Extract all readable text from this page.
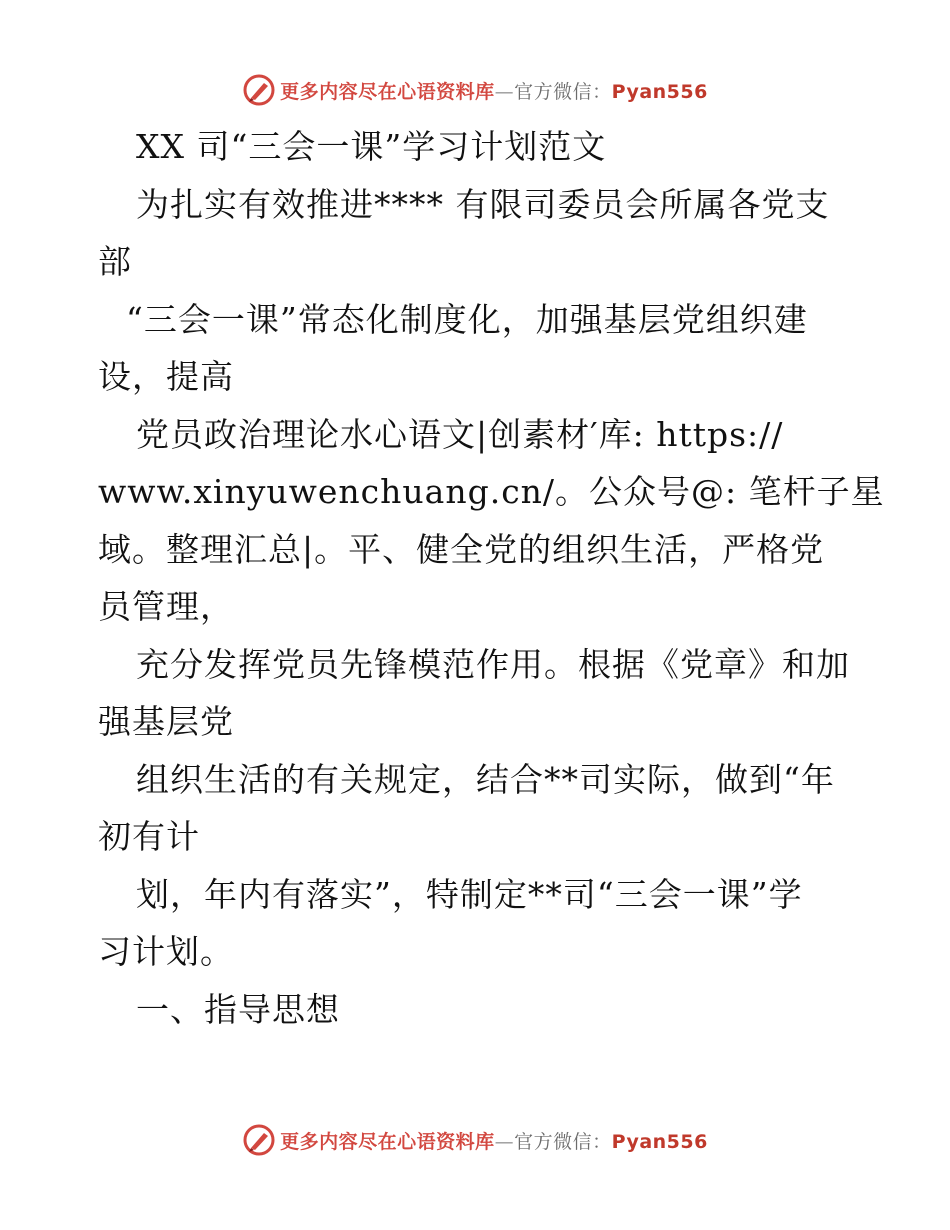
更多内容尽在心语资料库—官方微信：Pyan556
XX 司“三会一课”学习计划范文
为扎实有效推进**** 有限司委员会所属各党支
部
“三会一课”常态化制度化，加强基层党组织建
设，提高
党员政治理论水心语文|创素材′库: https://
www.xinyuwenchuang.cn/。公众号@: 笔杆子星
域。整理汇总|。平、健全党的组织生活，严格党
员管理，
充分发挥党员先锋模范作用。根据《党章》和加
强基层党
组织生活的有关规定，结合**司实际，做到“年
初有计
划，年内有落实”，特制定**司“三会一课”学
习计划。
一、指导思想
更多内容尽在心语资料库—官方微信：Pyan556
